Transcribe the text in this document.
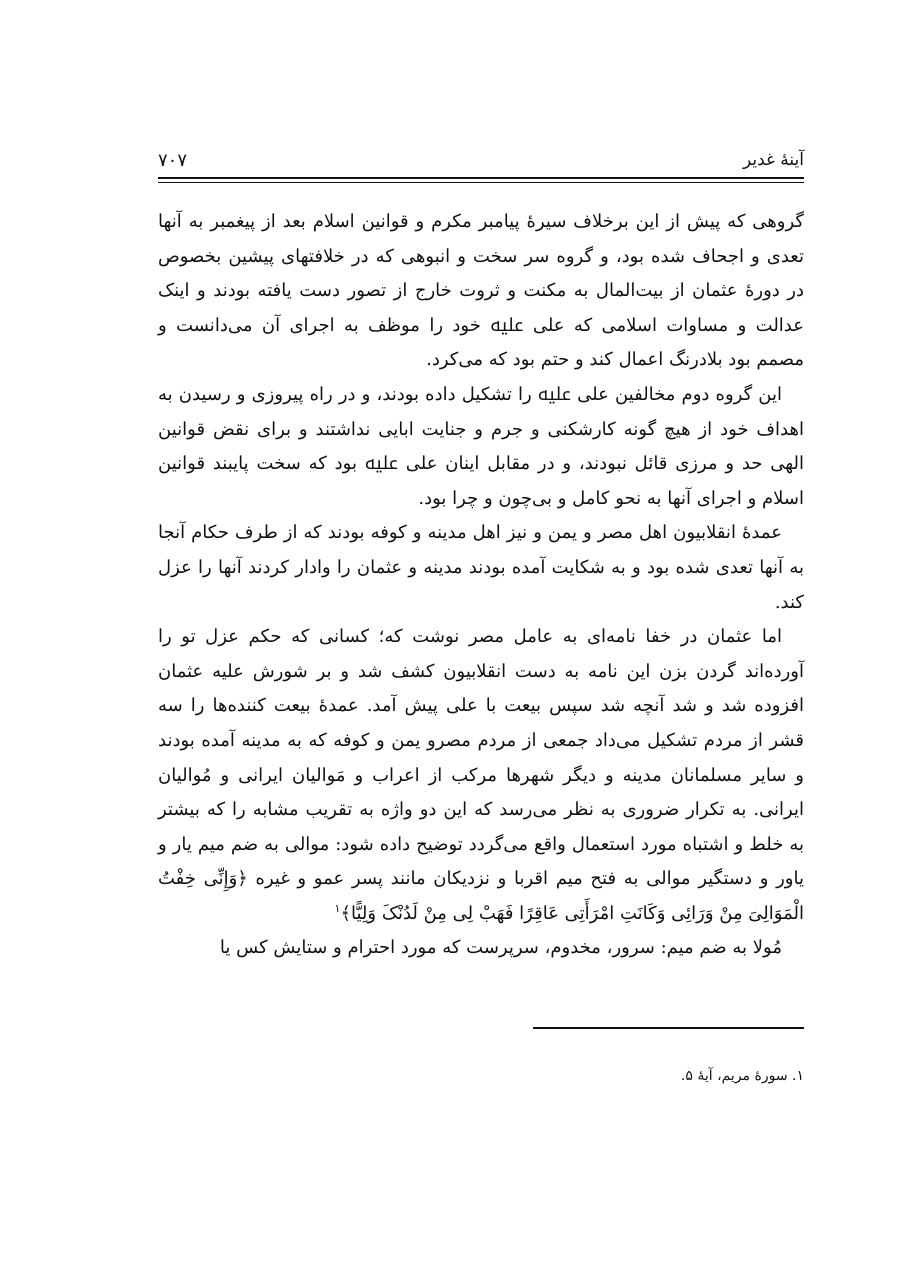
آینهٔ غدیر
۷۰۷

گروهی که پیش از این برخلاف سیرهٔ پیامبر مکرم و قوانین اسلام بعد از پیغمبر به آنها تعدی و اجحاف شده بود، و گروه سر سخت و انبوهی که در خلافتهای پیشین بخصوص در دورهٔ عثمان از بیت‌المال به مکنت و ثروت خارج از تصور دست یافته بودند و اینک عدالت و مساوات اسلامی که علی ﷷ خود را موظف به اجرای آن می‌دانست و مصمم بود بلادرنگ اعمال کند و حتم بود که می‌کرد.

این گروه دوم مخالفین علی ﷷ را تشکیل داده بودند، و در راه پیروزی و رسیدن به اهداف خود از هیچ گونه کارشکنی و جرم و جنایت ابایی نداشتند و برای نقض قوانین الهی حد و مرزی قائل نبودند، و در مقابل اینان علی ﷷ بود که سخت پایبند قوانین اسلام و اجرای آنها به نحو کامل و بی‌چون و چرا بود.

عمدهٔ انقلابیون اهل مصر و یمن و نیز اهل مدینه و کوفه بودند که از طرف حکام آنجا به آنها تعدی شده بود و به شکایت آمده بودند مدینه و عثمان را وادار کردند آنها را عزل کند.

اما عثمان در خفا نامه‌ای به عامل مصر نوشت که؛ کسانی که حکم عزل تو را آورده‌اند گردن بزن این نامه به دست انقلابیون کشف شد و بر شورش علیه عثمان افزوده شد و شد آنچه شد سپس بیعت با علی پیش آمد. عمدهٔ بیعت کننده‌ها را سه قشر از مردم تشکیل می‌داد جمعی از مردم مصرو یمن و کوفه که به مدینه آمده بودند و سایر مسلمانان مدینه و دیگر شهرها مرکب از اعراب و مَوالیان ایرانی و مُوالیان ایرانی. به تکرار ضروری به نظر می‌رسد که این دو واژه به تقریب مشابه را که بیشتر به خلط و اشتباه مورد استعمال واقع می‌گردد توضیح داده شود: موالی به ضم میم یار و یاور و دستگیر موالی به فتح میم اقربا و نزدیکان مانند پسر عمو و غیره ﴿وَإِنِّی خِفْتُ الْمَوَالِیَ مِنْ وَرَائِی وَکَانَتِ امْرَأَتِی عَاقِرًا فَهَبْ لِی مِنْ لَدُنْکَ وَلِیًّا﴾$^۱$

مُولا به ضم میم: سرور، مخدوم، سرپرست که مورد احترام و ستایش کس یا

۱. سورهٔ مریم، آیهٔ ۵.
